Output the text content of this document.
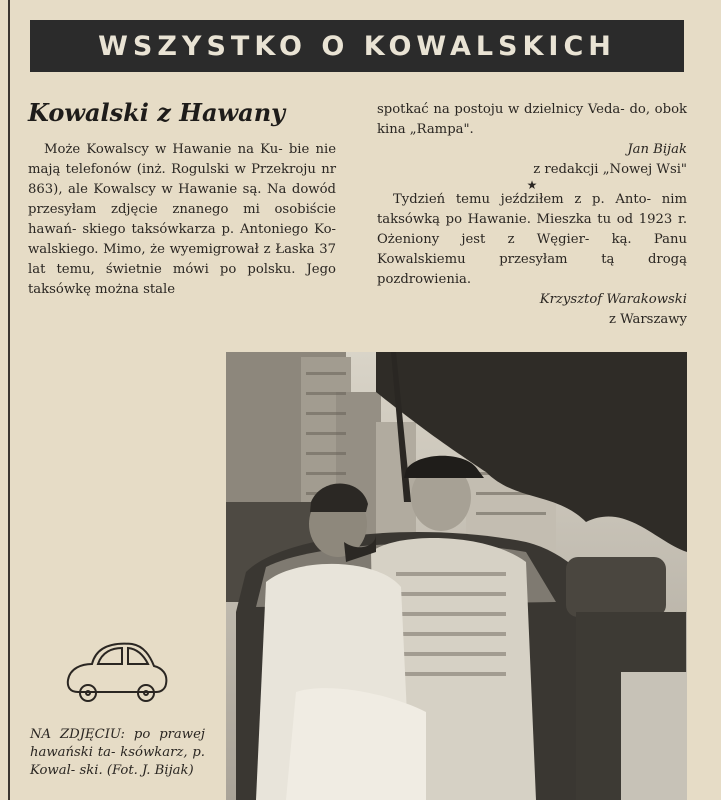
WSZYSTKO O KOWALSKICH
Kowalski z Hawany
Może Kowalscy w Hawanie na Ku- bie nie mają telefonów (inż. Rogulski w Przekroju nr 863), ale Kowalscy w Hawanie są. Na dowód przesyłam zdjęcie znanego mi osobiście hawań- skiego taksówkarza p. Antoniego Ko- walskiego. Mimo, że wyemigrował z Łaska 37 lat temu, świetnie mówi po polsku. Jego taksówkę można stale

spotkać na postoju w dzielnicy Veda- do, obok kina „Rampa".

Jan Bijak

z redakcji „Nowej Wsi"

★

Tydzień temu jeździłem z p. Anto- nim taksówką po Hawanie. Mieszka tu od 1923 r. Ożeniony jest z Węgier- ką. Panu Kowalskiemu przesyłam tą	drogą pozdrowienia.

Krzysztof Warakowski

z Warszawy

NA ZDJĘCIU: po prawej hawański ta- ksówkarz, p. Kowal- ski. (Fot. J. Bijak)
